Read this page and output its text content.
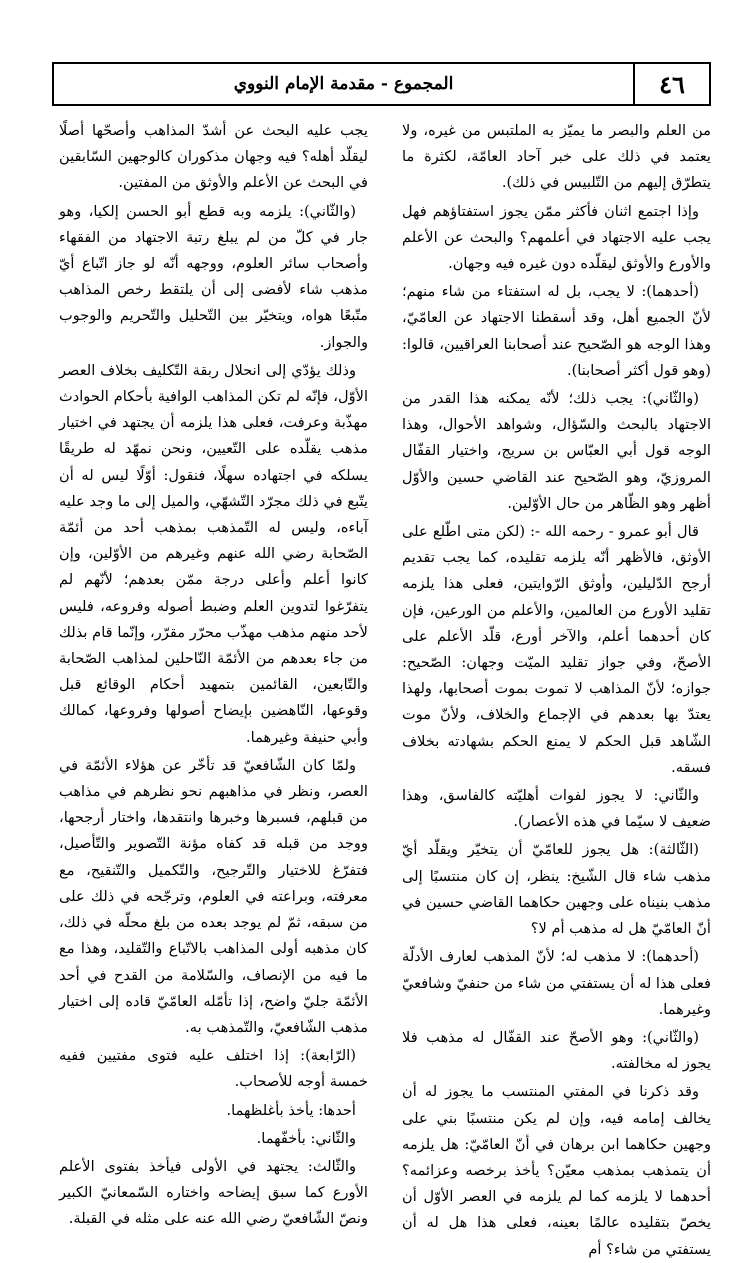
٤٦
المجموع - مقدمة الإمام النووي

من العلم والبصر ما يميّز به الملتبس من غيره، ولا يعتمد في ذلك على خبر آحاد العامّة، لكثرة ما يتطرّق إليهم من التّلبيس في ذلك).

وإذا اجتمع اثنان فأكثر ممّن يجوز استفتاؤهم فهل يجب عليه الاجتهاد في أعلمهم؟ والبحث عن الأعلم والأورع والأوثق ليقلّده دون غيره فيه وجهان.

(أحدهما): لا يجب، بل له استفتاء من شاء منهم؛ لأنّ الجميع أهل، وقد أسقطنا الاجتهاد عن العامّيّ، وهذا الوجه هو الصّحيح عند أصحابنا العراقيين، قالوا: (وهو قول أكثر أصحابنا).

(والثّاني): يجب ذلك؛ لأنّه يمكنه هذا القدر من الاجتهاد بالبحث والسّؤال، وشواهد الأحوال، وهذا الوجه قول أبي العبّاس بن سريج، واختيار القفّال المروزيّ، وهو الصّحيح عند القاضي حسين والأوّل أظهر وهو الظّاهر من حال الأوّلين.

قال أبو عمرو - رحمه الله -: (لكن متى اطّلع على الأوثق، فالأظهر أنّه يلزمه تقليده، كما يجب تقديم أرجح الدّليلين، وأوثق الرّوايتين، فعلى هذا يلزمه تقليد الأورع من العالمين، والأعلم من الورعين، فإن كان أحدهما أعلم، والآخر أورع، قلّد الأعلم على الأصحّ، وفي جواز تقليد الميّت وجهان: الصّحيح: جوازه؛ لأنّ المذاهب لا تموت بموت أصحابها، ولهذا يعتدّ بها بعدهم في الإجماع والخلاف، ولأنّ موت الشّاهد قبل الحكم لا يمنع الحكم بشهادته بخلاف فسقه.

والثّاني: لا يجوز لفوات أهليّته كالفاسق، وهذا ضعيف لا سيّما في هذه الأعصار).

(الثّالثة): هل يجوز للعامّيّ أن يتخيّر ويقلّد أيّ مذهب شاء قال الشّيخ: ينظر، إن كان منتسبًا إلى مذهب بنيناه على وجهين حكاهما القاضي حسين في أنّ العامّيّ هل له مذهب أم لا؟

(أحدهما): لا مذهب له؛ لأنّ المذهب لعارف الأدلّة فعلى هذا له أن يستفتي من شاء من حنفيّ وشافعيّ وغيرهما.

(والثّاني): وهو الأصحّ عند القفّال له مذهب فلا يجوز له مخالفته.

وقد ذكرنا في المفتي المنتسب ما يجوز له أن يخالف إمامه فيه، وإن لم يكن منتسبًا بني على وجهين حكاهما ابن برهان في أنّ العامّيّ: هل يلزمه أن يتمذهب بمذهب معيّن؟ يأخذ برخصه وعزائمه؟ أحدهما لا يلزمه كما لم يلزمه في العصر الأوّل أن يخصّ بتقليده عالمًا بعينه، فعلى هذا هل له أن يستفتي من شاء؟ أم

يجب عليه البحث عن أشدّ المذاهب وأصحّها أصلًا ليقلّد أهله؟ فيه وجهان مذكوران كالوجهين السّابقين في البحث عن الأعلم والأوثق من المفتين.

(والثّاني): يلزمه وبه قطع أبو الحسن إلكيا، وهو جار في كلّ من لم يبلغ رتبة الاجتهاد من الفقهاء وأصحاب سائر العلوم، ووجهه أنّه لو جاز اتّباع أيّ مذهب شاء لأفضى إلى أن يلتقط رخص المذاهب متّبعًا هواه، ويتخيّر بين التّحليل والتّحريم والوجوب والجواز.

وذلك يؤدّي إلى انحلال ربقة التّكليف بخلاف العصر الأوّل، فإنّه لم تكن المذاهب الوافية بأحكام الحوادث مهذّبة وعرفت، فعلى هذا يلزمه أن يجتهد في اختيار مذهب يقلّده على التّعيين، ونحن نمهّد له طريقًا يسلكه في اجتهاده سهلًا، فنقول: أوّلًا ليس له أن يتّبع في ذلك مجرّد التّشهّي، والميل إلى ما وجد عليه آباءه، وليس له التّمذهب بمذهب أحد من أئمّة الصّحابة رضي الله عنهم وغيرهم من الأوّلين، وإن كانوا أعلم وأعلى درجة ممّن بعدهم؛ لأنّهم لم يتفرّغوا لتدوين العلم وضبط أصوله وفروعه، فليس لأحد منهم مذهب مهذّب محرّر مقرّر، وإنّما قام بذلك من جاء بعدهم من الأئمّة النّاحلين لمذاهب الصّحابة والتّابعين، القائمين بتمهيد أحكام الوقائع قبل وقوعها، النّاهضين بإيضاح أصولها وفروعها، كمالك وأبي حنيفة وغيرهما.

ولمّا كان الشّافعيّ قد تأخّر عن هؤلاء الأئمّة في العصر، ونظر في مذاهبهم نحو نظرهم في مذاهب من قبلهم، فسبرها وخبرها وانتقدها، واختار أرجحها، ووجد من قبله قد كفاه مؤنة التّصوير والتّأصيل، فتفرّغ للاختيار والتّرجيح، والتّكميل والتّنقيح، مع معرفته، وبراعته في العلوم، وترجّحه في ذلك على من سبقه، ثمّ لم يوجد بعده من بلغ محلّه في ذلك، كان مذهبه أولى المذاهب بالاتّباع والتّقليد، وهذا مع ما فيه من الإنصاف، والسّلامة من القدح في أحد الأئمّة جليّ واضح، إذا تأمّله العامّيّ قاده إلى اختيار مذهب الشّافعيّ، والتّمذهب به.

(الرّابعة): إذا اختلف عليه فتوى مفتيين ففيه خمسة أوجه للأصحاب.

أحدها: يأخذ بأغلظهما.

والثّاني: بأخفّهما.

والثّالث: يجتهد في الأولى فيأخذ بفتوى الأعلم الأورع كما سبق إيضاحه واختاره السّمعانيّ الكبير ونصّ الشّافعيّ رضي الله عنه على مثله في القبلة.
